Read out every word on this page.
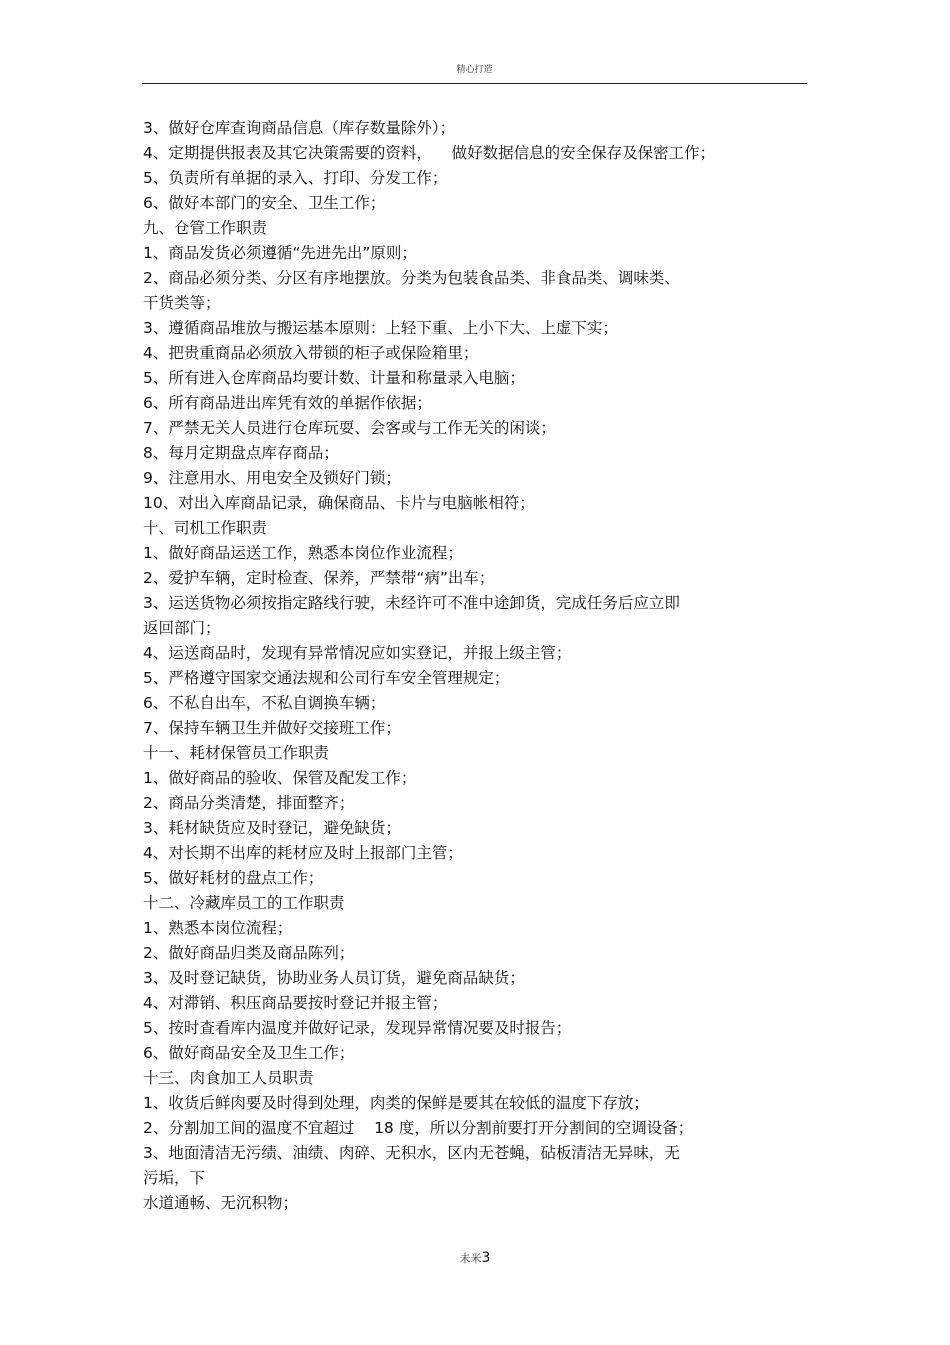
精心打造
3、做好仓库查询商品信息（库存数量除外）；
4、定期提供报表及其它决策需要的资料，    做好数据信息的安全保存及保密工作；
5、负责所有单据的录入、打印、分发工作；
6、做好本部门的安全、卫生工作；
九、仓管工作职责
1、商品发货必须遵循“先进先出”原则；
2、商品必须分类、分区有序地摆放。分类为包装食品类、非食品类、调味类、
干货类等；
3、遵循商品堆放与搬运基本原则：上轻下重、上小下大、上虚下实；
4、把贵重商品必须放入带锁的柜子或保险箱里；
5、所有进入仓库商品均要计数、计量和称量录入电脑；
6、所有商品进出库凭有效的单据作依据；
7、严禁无关人员进行仓库玩耍、会客或与工作无关的闲谈；
8、每月定期盘点库存商品；
9、注意用水、用电安全及锁好门锁；
10、对出入库商品记录，确保商品、卡片与电脑帐相符；
十、司机工作职责
1、做好商品运送工作，熟悉本岗位作业流程；
2、爱护车辆，定时检查、保养，严禁带“病”出车；
3、运送货物必须按指定路线行驶，未经许可不准中途卸货，完成任务后应立即
返回部门；
4、运送商品时，发现有异常情况应如实登记，并报上级主管；
5、严格遵守国家交通法规和公司行车安全管理规定；
6、不私自出车，不私自调换车辆；
7、保持车辆卫生并做好交接班工作；
十一、耗材保管员工作职责
1、做好商品的验收、保管及配发工作；
2、商品分类清楚，排面整齐；
3、耗材缺货应及时登记，避免缺货；
4、对长期不出库的耗材应及时上报部门主管；
5、做好耗材的盘点工作；
十二、冷藏库员工的工作职责
1、熟悉本岗位流程；
2、做好商品归类及商品陈列；
3、及时登记缺货，协助业务人员订货，避免商品缺货；
4、对滞销、积压商品要按时登记并报主管；
5、按时查看库内温度并做好记录，发现异常情况要及时报告；
6、做好商品安全及卫生工作；
十三、肉食加工人员职责
1、收货后鲜肉要及时得到处理，肉类的保鲜是要其在较低的温度下存放；
2、分割加工间的温度不宜超过    18 度，所以分割前要打开分割间的空调设备；
3、地面清洁无污绩、油绩、肉碎、无积水，区内无苍蝇，砧板清洁无异味，无
污垢，下
水道通畅、无沉积物；
未米3
